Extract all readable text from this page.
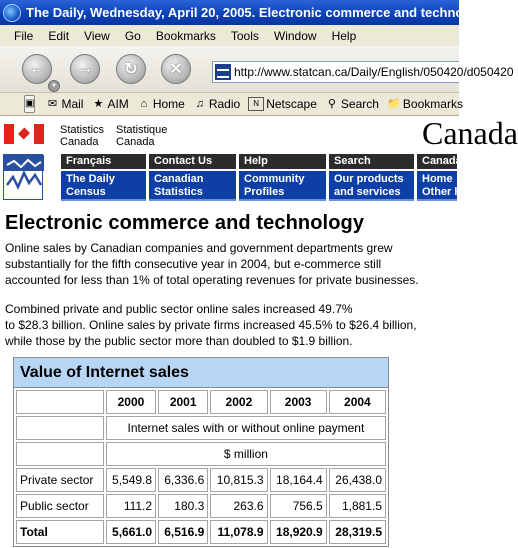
The Daily, Wednesday, April 20, 2005. Electronic commerce and technology
File	Edit	View	Go	Bookmarks	Tools	Window	Help
←
▼
→ ↻ ✕	http://www.statcan.ca/Daily/English/050420/d050420
▣ ✉ Mail ★ AIM	⌂ Home ♫ Radio	N Netscape ⚲ Search 📁 Bookmarks
Statistics
Canada
Statistique
Canada	Canada
Français	Contact Us	Help	Search	Canada Site
The Daily
Census
Canadian
Statistics
Community
Profiles
Our products
and services
Home
Other links
Electronic commerce and technology
Online sales by Canadian companies and government departments grew
substantially for the fifth consecutive year in 2004, but e-commerce still
accounted for less than 1% of total operating revenues for private businesses.
Combined private and public sector online sales increased 49.7%
to $28.3 billion. Online sales by private firms increased 45.5% to $26.4 billion,
while those by the public sector more than doubled to $1.9 billion.
Value of Internet sales
	2000	2001	2002	2003	2004
	Internet sales with or without online payment				
	$ million				
Private sector	5,549.8	6,336.6	10,815.3	18,164.4	26,438.0
Public sector	111.2	180.3	263.6	756.5	1,881.5
Total	5,661.0	6,516.9	11,078.9	18,920.9	28,319.5
